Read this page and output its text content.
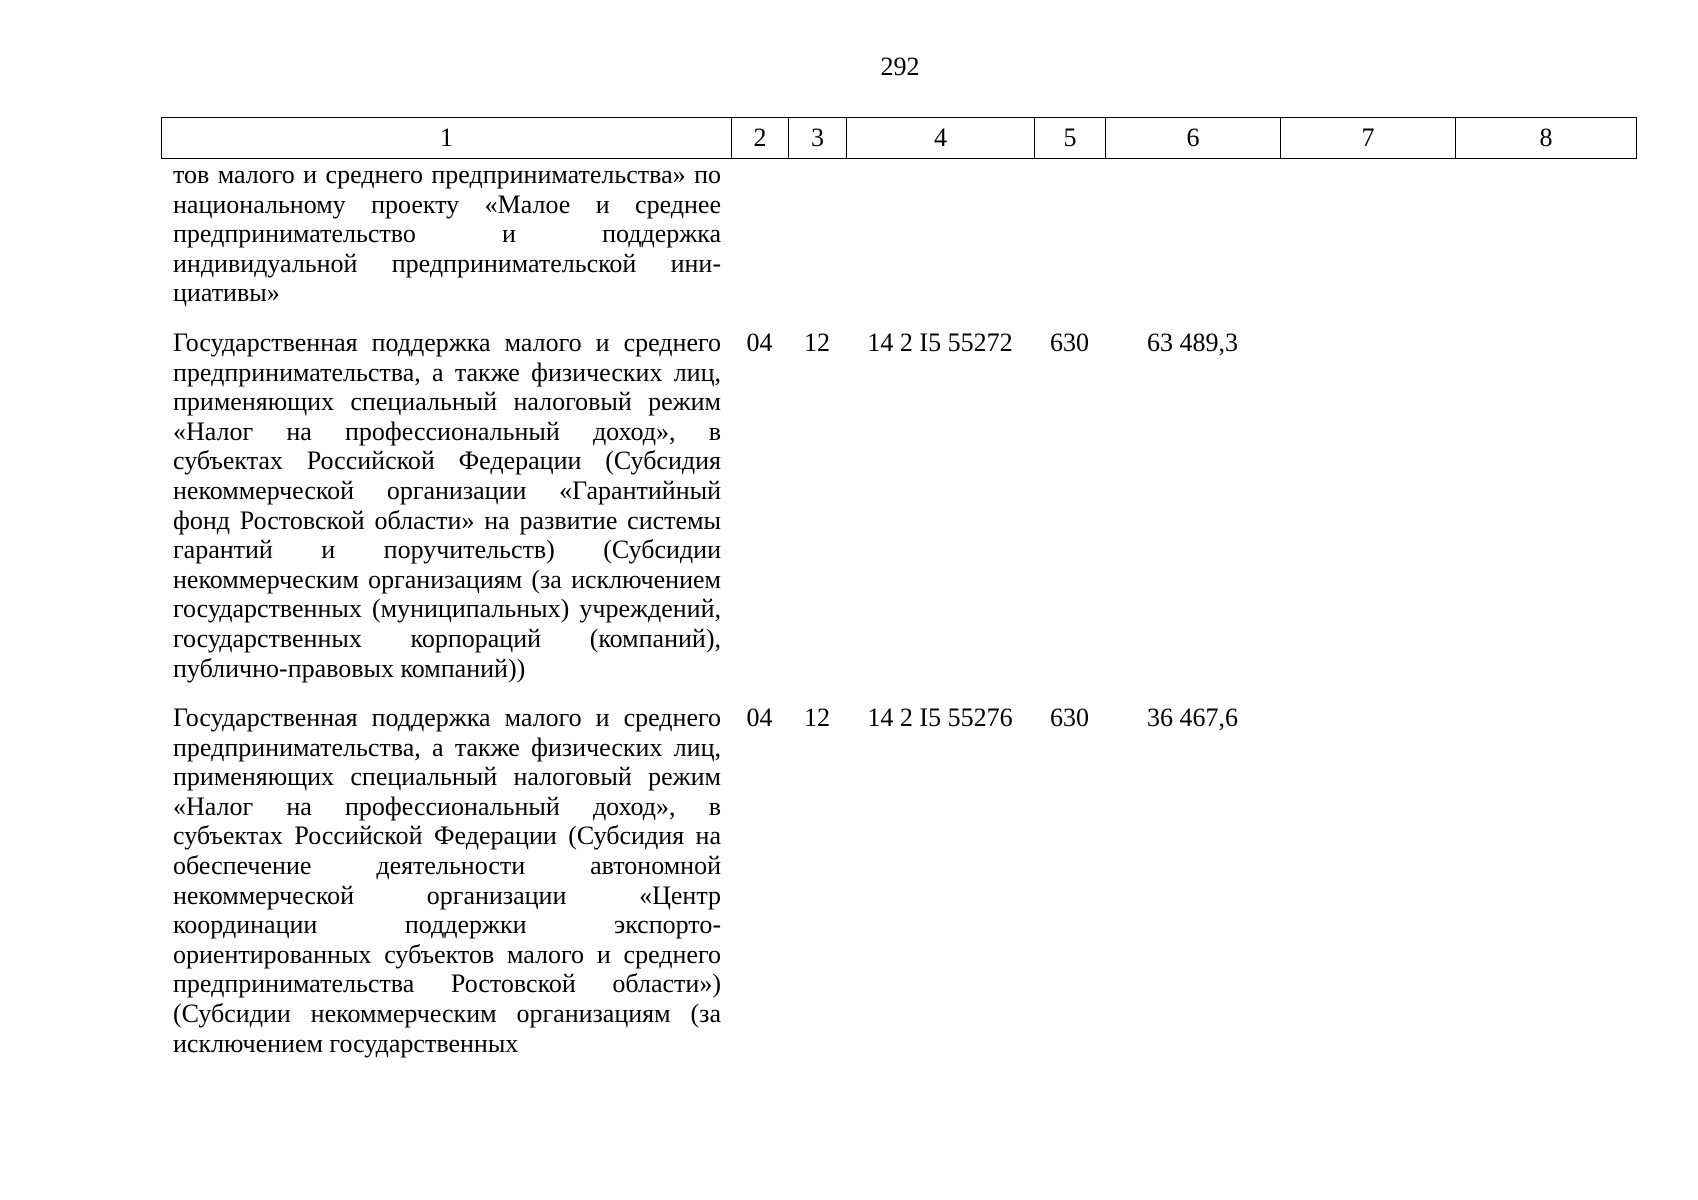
292
1	2	3	4	5	6	7	8
тов малого и среднего предпринимательства» по национальному проекту «Малое и среднее предпринимательство и поддержка индивидуальной предпринимательской инициативы»							

Государственная поддержка малого и среднего предпринимательства, а также физических лиц, применяющих специальный налоговый режим «Налог на профессиональный доход», в субъектах Российской Федерации (Субсидия некоммерческой организации «Гарантийный фонд Ростовской области» на развитие системы гарантий и поручительств) (Субсидии некоммерческим организациям (за исключением государственных (муниципальных) учреждений, государственных корпораций (компаний), публично-правовых компаний))	04	12	14 2 I5 55272	630	63 489,3		

Государственная поддержка малого и среднего предпринимательства, а также физических лиц, применяющих специальный налоговый режим «Налог на профессиональный доход», в субъектах Российской Федерации (Субсидия на обеспечение деятельности автономной некоммерческой организации «Центр координации поддержки экспортоориентированных субъектов малого и среднего предпринимательства Ростовской области») (Субсидии некоммерческим организациям (за исключением государственных	04	12	14 2 I5 55276	630	36 467,6		
